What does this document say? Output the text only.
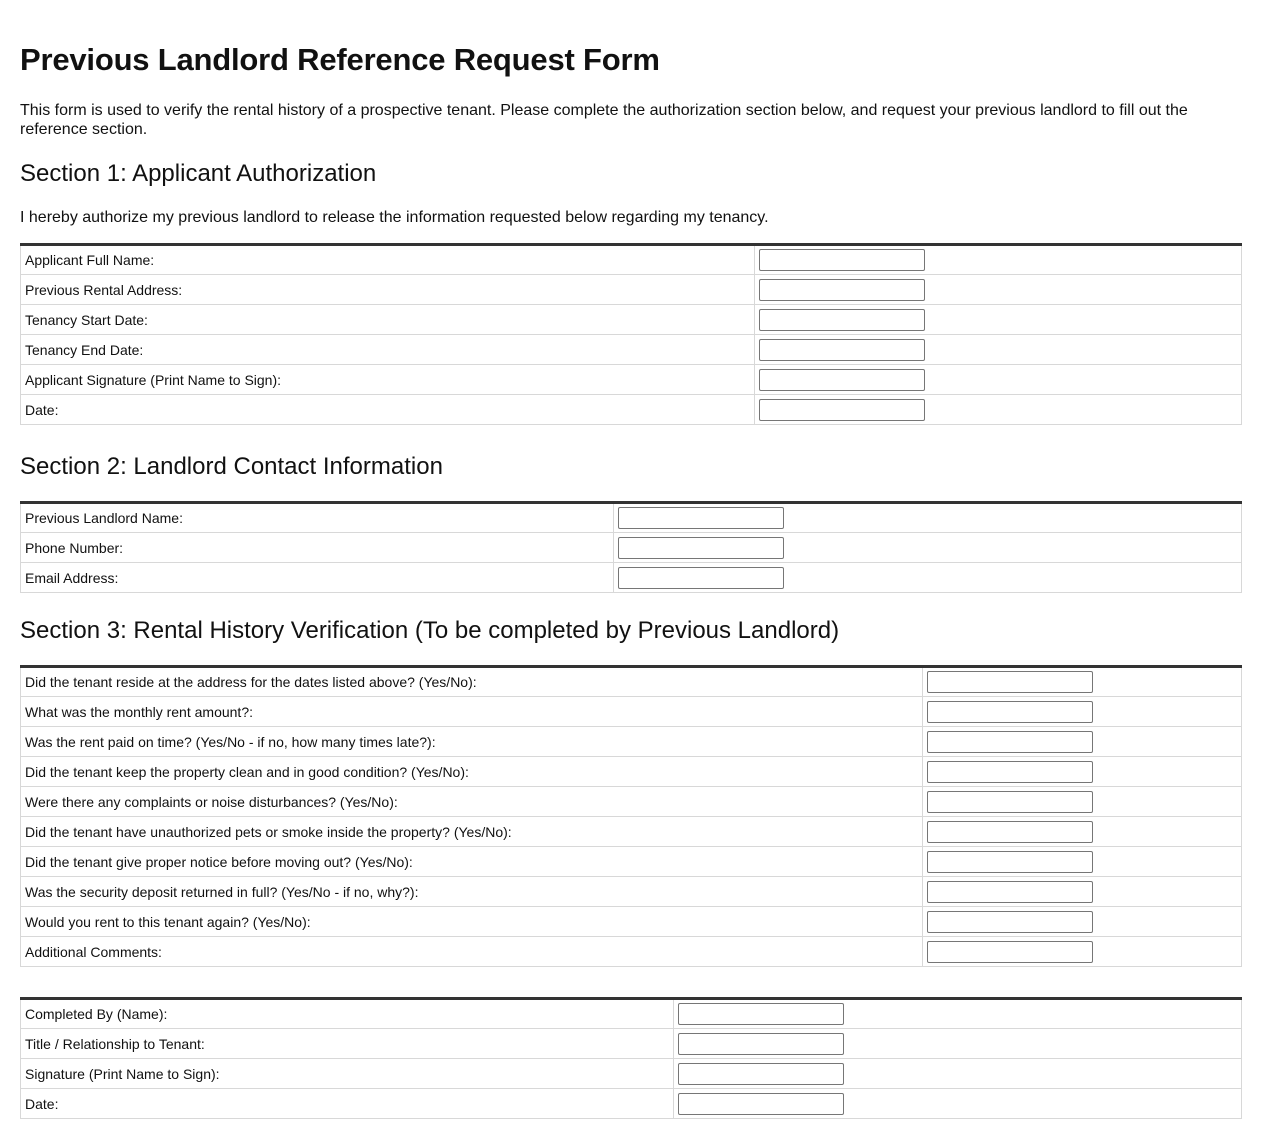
Previous Landlord Reference Request Form

This form is used to verify the rental history of a prospective tenant. Please complete the authorization section below, and request your previous landlord to fill out the reference section.

Section 1: Applicant Authorization

I hereby authorize my previous landlord to release the information requested below regarding my tenancy.

Applicant Full Name:	

Previous Rental Address:	

Tenancy Start Date:	

Tenancy End Date:	

Applicant Signature (Print Name to Sign):	

Date:	
Section 2: Landlord Contact Information
Previous Landlord Name:	

Phone Number:	

Email Address:	
Section 3: Rental History Verification (To be completed by Previous Landlord)
Did the tenant reside at the address for the dates listed above? (Yes/No):	

What was the monthly rent amount?:	

Was the rent paid on time? (Yes/No - if no, how many times late?):	

Did the tenant keep the property clean and in good condition? (Yes/No):	

Were there any complaints or noise disturbances? (Yes/No):	

Did the tenant have unauthorized pets or smoke inside the property? (Yes/No):	

Did the tenant give proper notice before moving out? (Yes/No):	

Was the security deposit returned in full? (Yes/No - if no, why?):	

Would you rent to this tenant again? (Yes/No):	

Additional Comments:	
Completed By (Name):	

Title / Relationship to Tenant:	

Signature (Print Name to Sign):	

Date:	
